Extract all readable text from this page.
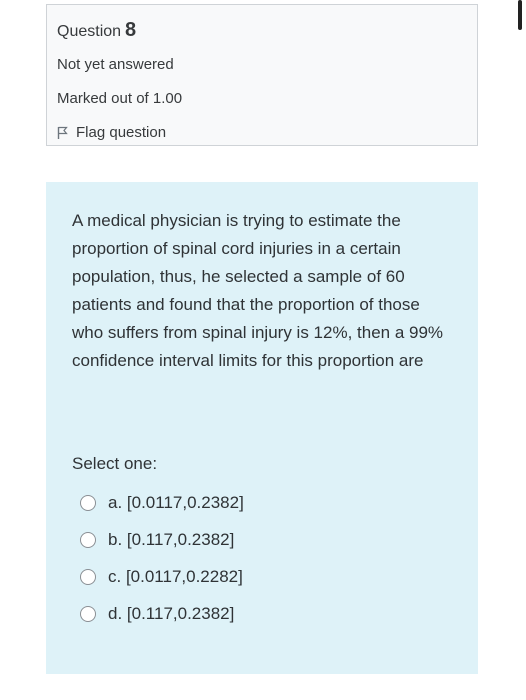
Question 8
Not yet answered
Marked out of 1.00
Flag question

A medical physician is trying to estimate the proportion of spinal cord injuries in a certain population, thus, he selected a sample of 60 patients and found that the proportion of those who suffers from spinal injury is 12%, then a 99% confidence interval limits for this proportion are

Select one:
a. [0.0117,0.2382]
b. [0.117,0.2382]
c. [0.0117,0.2282]
d. [0.117,0.2382]
